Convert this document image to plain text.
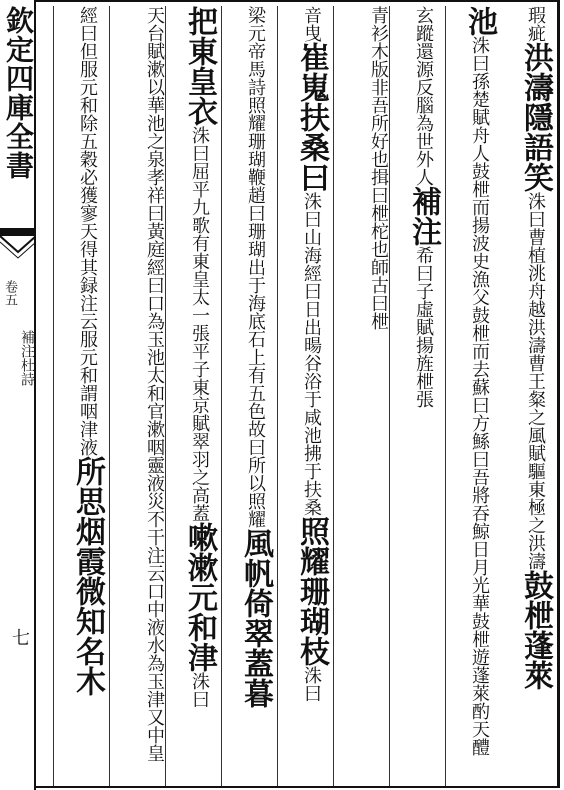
欽定四庫全書
卷五
補注杜詩
七
瑕疵洪濤隱語笑洙曰曹植洮舟越洪濤曹王粲之風賦驅東極之洪濤鼓枻蓬萊
池洙曰孫楚賦舟人鼓枻而揚波史漁父鼓枻而去蘇曰方鯀曰吾將吞鯨日月光華鼓枻遊蓬萊酌天醴
玄蹤還源反腦為世外人補注希曰子虛賦揚旌枻張
青衫木版非吾所好也揖曰枻柁也師古曰枻
音曳崔嵬扶桑曰洙曰山海經曰日出暘谷浴于咸池拂于扶桑照耀珊瑚枝洙曰
梁元帝馬詩照耀珊瑚鞭趙曰珊瑚出于海底石上有五色故曰所以照耀風帆倚翠蓋暮
把東皇衣洙曰屈平九歌有東皇太一張平子東京賦翠羽之高蓋嗽漱元和津洙曰
天台賦漱以華池之泉孝祥曰黃庭經曰口為玉池太和官漱咽靈液災不干注云口中液水為玉津又中皇
經曰但服元和除五穀必獲寥天得其録注云服元和謂咽津液所思烟霞微知名木
